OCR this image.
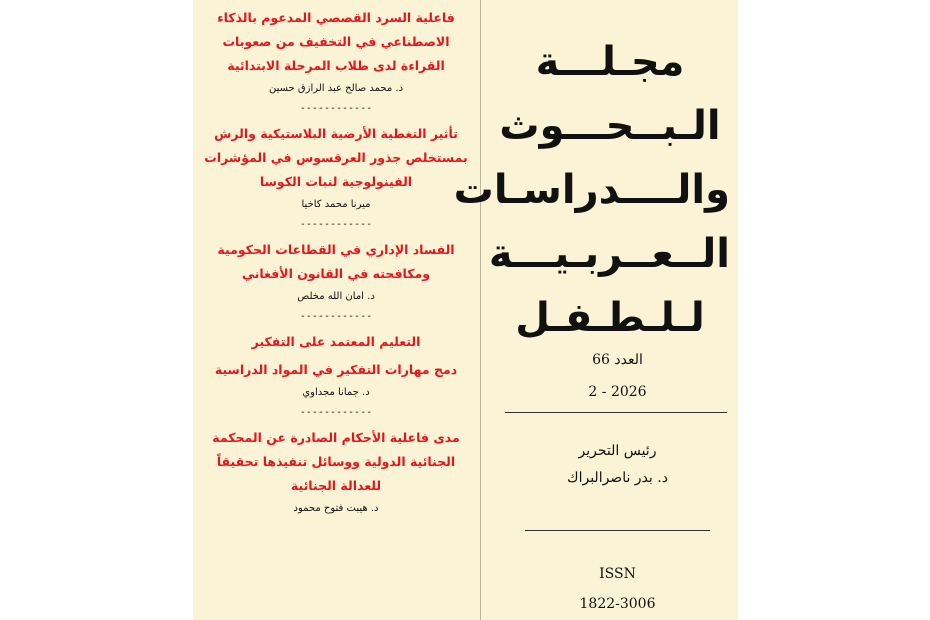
فاعلية السرد القصصي المدعوم بالذكاء الاصطناعي في التخفيف من صعوبات القراءة لدى طلاب المرحلة الابتدائية
د. محمد صالح عبد الرازق حسين
------------
تأثير التغطية الأرضية البلاستيكية والرش بمستخلص جذور العرقسوس في المؤشرات الفينولوجية لنبات الكوسا
ميرنا محمد كاخيا
------------
الفساد الإداري في القطاعات الحكومية ومكافحته في القانون الأفغاني
د. امان الله مخلص
------------
التعليم المعتمد على التفكير
دمج مهارات التفكير في المواد الدراسية
د. جمانا مجداوي
------------
مدى فاعلية الأحكام الصادرة عن المحكمة الجنائية الدولية ووسائل تنفيذها تحقيقاً للعدالة الجنائية
د. هيبت فتوح محمود
مجـلـــة
الـبــحـــوث
والــــدراسـات
الــعــربـيـــة
لـلـطـفـل
العدد 66
2 - 2026
رئيس التحرير
د. بدر ناصرالبراك
ISSN
1822-3006
